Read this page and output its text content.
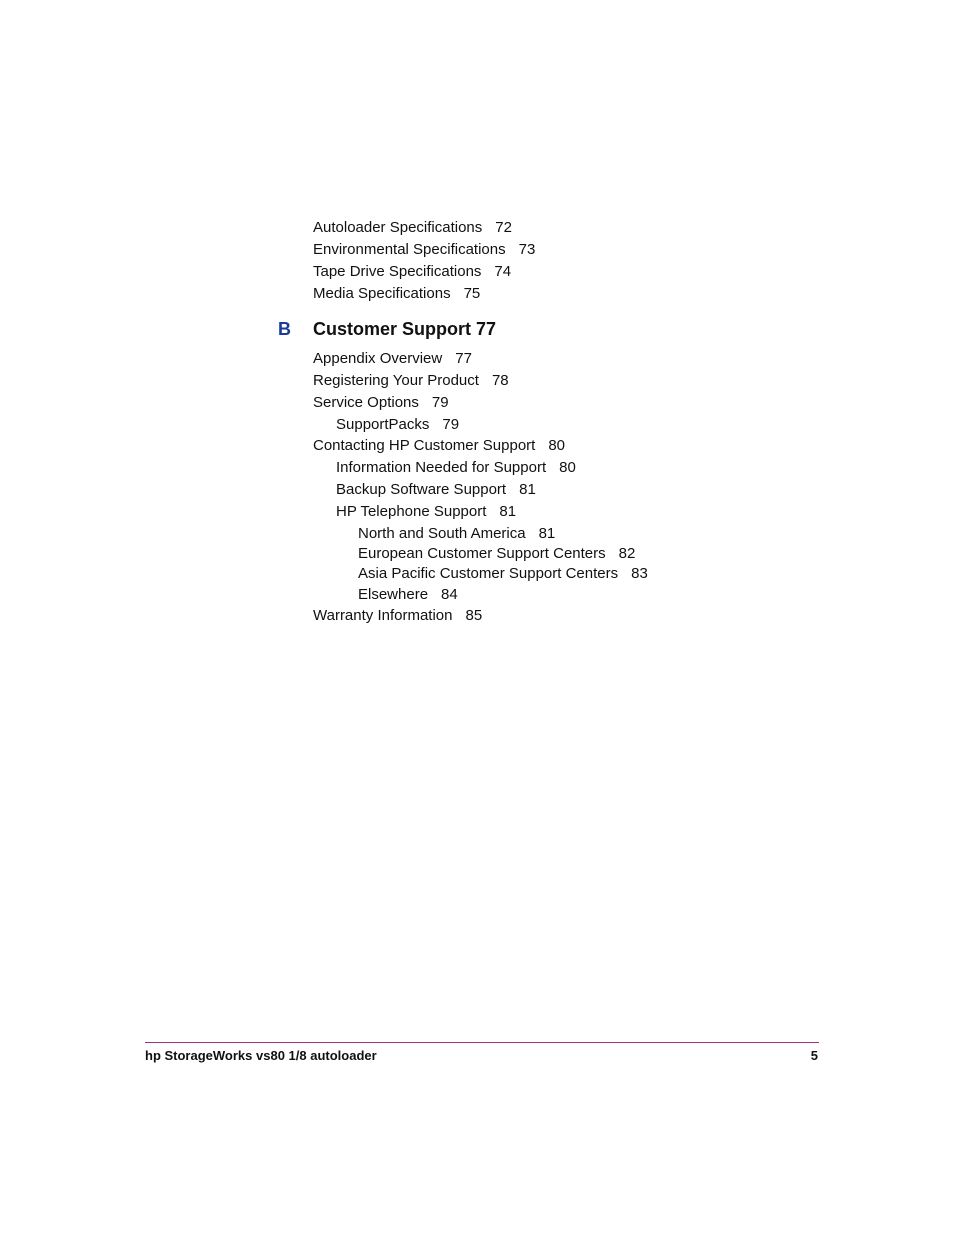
Autoloader Specifications 72
Environmental Specifications 73
Tape Drive Specifications 74
Media Specifications 75
B Customer Support 77
Appendix Overview 77
Registering Your Product 78
Service Options 79
SupportPacks 79
Contacting HP Customer Support 80
Information Needed for Support 80
Backup Software Support 81
HP Telephone Support 81
North and South America 81
European Customer Support Centers 82
Asia Pacific Customer Support Centers 83
Elsewhere 84
Warranty Information 85
hp StorageWorks vs80 1/8 autoloader	5
